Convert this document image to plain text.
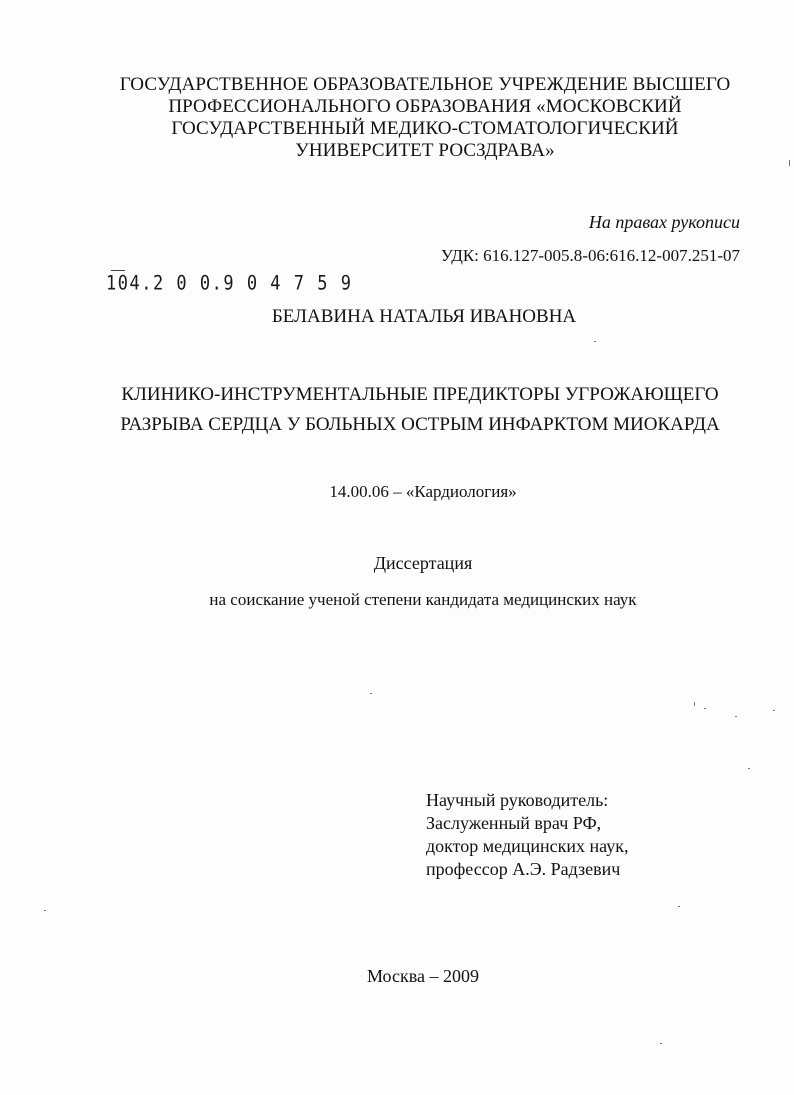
ГОСУДАРСТВЕННОЕ ОБРАЗОВАТЕЛЬНОЕ УЧРЕЖДЕНИЕ ВЫСШЕГО
ПРОФЕССИОНАЛЬНОГО ОБРАЗОВАНИЯ «МОСКОВСКИЙ
ГОСУДАРСТВЕННЫЙ МЕДИКО-СТОМАТОЛОГИЧЕСКИЙ
УНИВЕРСИТЕТ РОСЗДРАВА»
На правах рукописи
УДК: 616.127-005.8-06:616.12-007.251-07
104.2 0 0.9 0 4 7 5 9
БЕЛАВИНА НАТАЛЬЯ ИВАНОВНА
КЛИНИКО-ИНСТРУМЕНТАЛЬНЫЕ ПРЕДИКТОРЫ УГРОЖАЮЩЕГО
РАЗРЫВА СЕРДЦА У БОЛЬНЫХ ОСТРЫМ ИНФАРКТОМ МИОКАРДА
14.00.06 – «Кардиология»
Диссертация
на соискание ученой степени кандидата медицинских наук
Научный руководитель:
Заслуженный врач РФ,
доктор медицинских наук,
профессор А.Э. Радзевич
Москва – 2009
